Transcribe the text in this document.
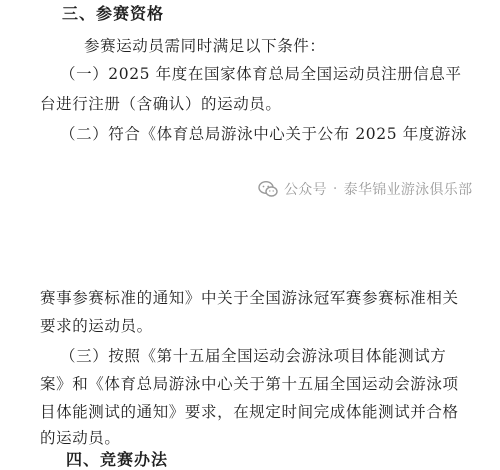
三、参赛资格
参赛运动员需同时满足以下条件：
（一）2025 年度在国家体育总局全国运动员注册信息平
台进行注册（含确认）的运动员。
（二）符合《体育总局游泳中心关于公布 2025 年度游泳
公众号 · 泰华锦业游泳俱乐部
赛事参赛标准的通知》中关于全国游泳冠军赛参赛标准相关
要求的运动员。
（三）按照《第十五届全国运动会游泳项目体能测试方
案》和《体育总局游泳中心关于第十五届全国运动会游泳项
目体能测试的通知》要求，在规定时间完成体能测试并合格
的运动员。
四、竞赛办法
